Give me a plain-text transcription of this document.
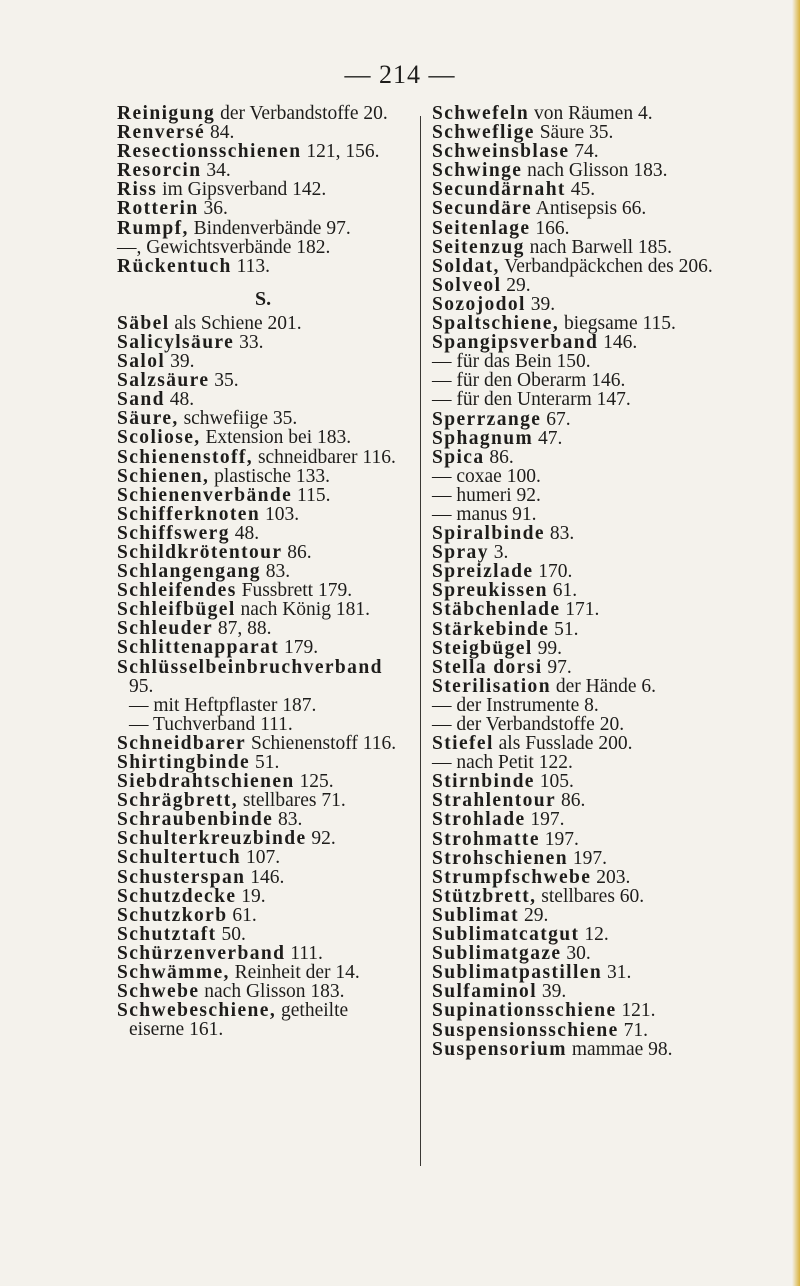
— 214 —
Reinigung der Verbandstoffe 20.
Renversé 84.
Resectionsschienen 121, 156.
Resorcin 34.
Riss im Gipsverband 142.
Rotterin 36.
Rumpf, Bindenverbände 97.
—, Gewichtsverbände 182.
Rückentuch 113.
S.
Säbel als Schiene 201.
Salicylsäure 33.
Salol 39.
Salzsäure 35.
Sand 48.
Säure, schwefiige 35.
Scoliose, Extension bei 183.
Schienenstoff, schneidbarer 116.
Schienen, plastische 133.
Schienenverbände 115.
Schifferknoten 103.
Schiffswerg 48.
Schildkrötentour 86.
Schlangengang 83.
Schleifendes Fussbrett 179.
Schleifbügel nach König 181.
Schleuder 87, 88.
Schlittenapparat 179.
Schlüsselbeinbruchverband
95.
— mit Heftpflaster 187.
— Tuchverband 111.
Schneidbarer Schienenstoff 116.
Shirtingbinde 51.
Siebdrahtschienen 125.
Schrägbrett, stellbares 71.
Schraubenbinde 83.
Schulterkreuzbinde 92.
Schultertuch 107.
Schusterspan 146.
Schutzdecke 19.
Schutzkorb 61.
Schutztaft 50.
Schürzenverband 111.
Schwämme, Reinheit der 14.
Schwebe nach Glisson 183.
Schwebeschiene, getheilte
eiserne 161.
Schwefeln von Räumen 4.
Schweflige Säure 35.
Schweinsblase 74.
Schwinge nach Glisson 183.
Secundärnaht 45.
Secundäre Antisepsis 66.
Seitenlage 166.
Seitenzug nach Barwell 185.
Soldat, Verbandpäckchen des 206.
Solveol 29.
Sozojodol 39.
Spaltschiene, biegsame 115.
Spangipsverband 146.
— für das Bein 150.
— für den Oberarm 146.
— für den Unterarm 147.
Sperrzange 67.
Sphagnum 47.
Spica 86.
— coxae 100.
— humeri 92.
— manus 91.
Spiralbinde 83.
Spray 3.
Spreizlade 170.
Spreukissen 61.
Stäbchenlade 171.
Stärkebinde 51.
Steigbügel 99.
Stella dorsi 97.
Sterilisation der Hände 6.
— der Instrumente 8.
— der Verbandstoffe 20.
Stiefel als Fusslade 200.
— nach Petit 122.
Stirnbinde 105.
Strahlentour 86.
Strohlade 197.
Strohmatte 197.
Strohschienen 197.
Strumpfschwebe 203.
Stützbrett, stellbares 60.
Sublimat 29.
Sublimatcatgut 12.
Sublimatgaze 30.
Sublimatpastillen 31.
Sulfaminol 39.
Supinationsschiene 121.
Suspensionsschiene 71.
Suspensorium mammae 98.
